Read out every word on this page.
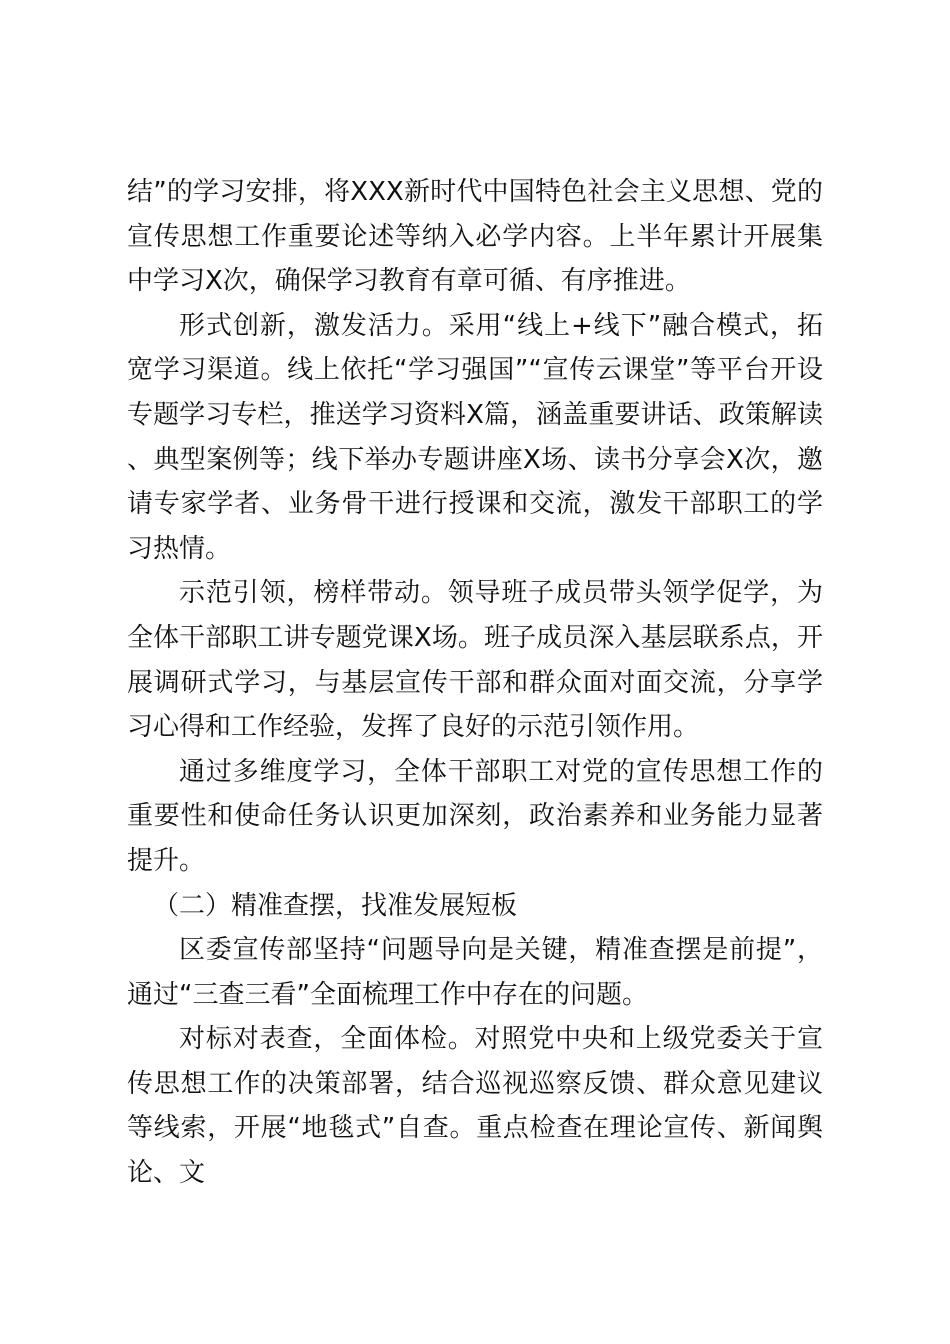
结”的学习安排，将XXX新时代中国特色社会主义思想、党的宣传思想工作重要论述等纳入必学内容。上半年累计开展集中学习X次，确保学习教育有章可循、有序推进。

形式创新，激发活力。采用“线上+线下”融合模式，拓宽学习渠道。线上依托“学习强国”“宣传云课堂”等平台开设专题学习专栏，推送学习资料X篇，涵盖重要讲话、政策解读、典型案例等；线下举办专题讲座X场、读书分享会X次，邀请专家学者、业务骨干进行授课和交流，激发干部职工的学习热情。

示范引领，榜样带动。领导班子成员带头领学促学，为全体干部职工讲专题党课X场。班子成员深入基层联系点，开展调研式学习，与基层宣传干部和群众面对面交流，分享学习心得和工作经验，发挥了良好的示范引领作用。

通过多维度学习，全体干部职工对党的宣传思想工作的重要性和使命任务认识更加深刻，政治素养和业务能力显著提升。

（二）精准查摆，找准发展短板

区委宣传部坚持“问题导向是关键，精准查摆是前提”，通过“三查三看”全面梳理工作中存在的问题。

对标对表查，全面体检。对照党中央和上级党委关于宣传思想工作的决策部署，结合巡视巡察反馈、群众意见建议等线索，开展“地毯式”自查。重点检查在理论宣传、新闻舆论、文
